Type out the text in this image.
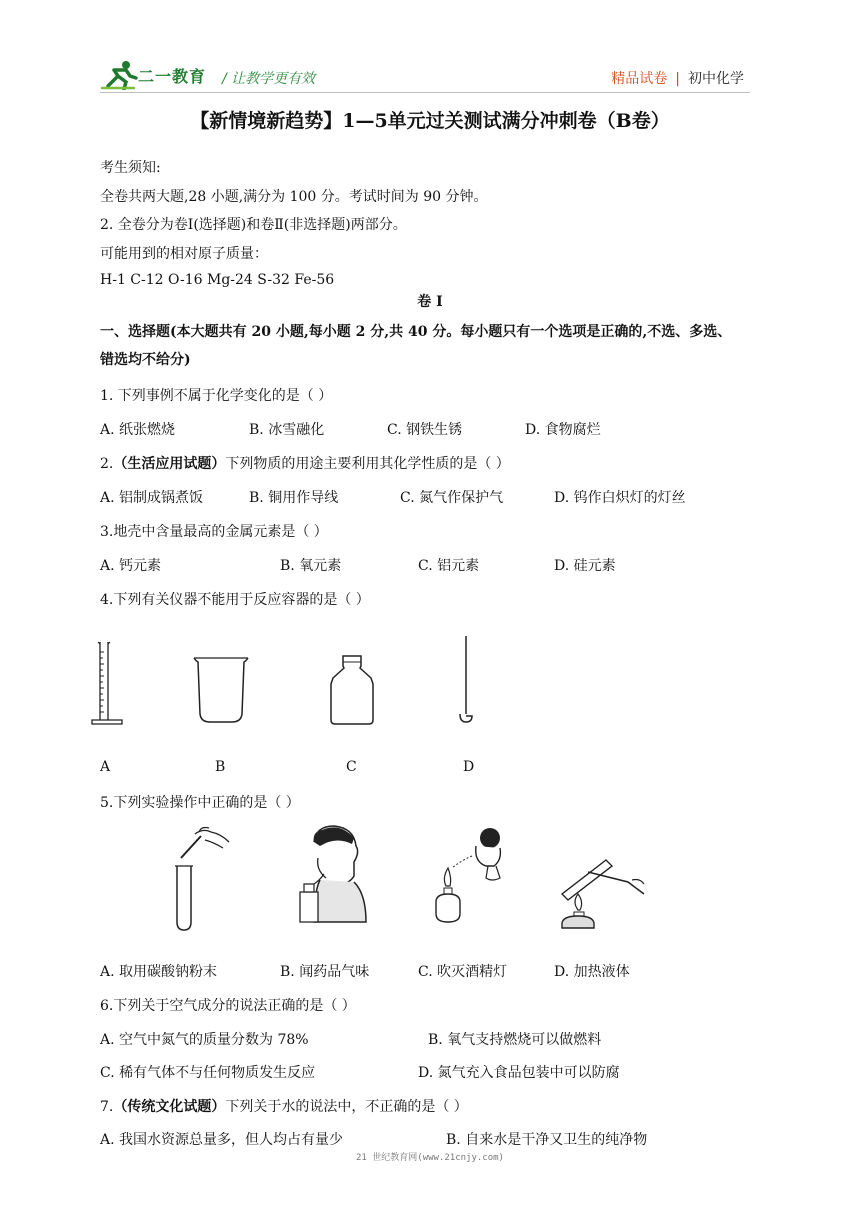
二一教育 / 让教学更有效	精品试卷 | 初中化学
【新情境新趋势】1—5单元过关测试满分冲刺卷（B卷）
考生须知:
全卷共两大题,28 小题,满分为 100 分。考试时间为 90 分钟。
2. 全卷分为卷Ⅰ(选择题)和卷Ⅱ(非选择题)两部分。
可能用到的相对原子质量：
H-1 C-12 O-16 Mg-24 S-32 Fe-56
卷 I
一、选择题(本大题共有 20 小题,每小题 2 分,共 40 分。每小题只有一个选项是正确的,不选、多选、
错选均不给分)
1. 下列事例不属于化学变化的是（ ）
A. 纸张燃烧	B. 冰雪融化	C. 钢铁生锈	D. 食物腐烂
2.（生活应用试题）下列物质的用途主要利用其化学性质的是（ ）
A. 铝制成锅煮饭	B. 铜用作导线	C. 氮气作保护气	D. 钨作白炽灯的灯丝
3.地壳中含量最高的金属元素是（ ）
A. 钙元素	B. 氧元素	C. 铝元素	D. 硅元素
4.下列有关仪器不能用于反应容器的是（ ）
A	B	C	D
5.下列实验操作中正确的是（ ）
A. 取用碳酸钠粉末	B. 闻药品气味	C. 吹灭酒精灯	D. 加热液体
6.下列关于空气成分的说法正确的是（ ）
A. 空气中氮气的质量分数为 78%	B. 氧气支持燃烧可以做燃料
C. 稀有气体不与任何物质发生反应	D. 氮气充入食品包装中可以防腐
7.（传统文化试题）下列关于水的说法中，不正确的是（ ）
A. 我国水资源总量多，但人均占有量少	B. 自来水是干净又卫生的纯净物
21 世纪教育网(www.21cnjy.com)
